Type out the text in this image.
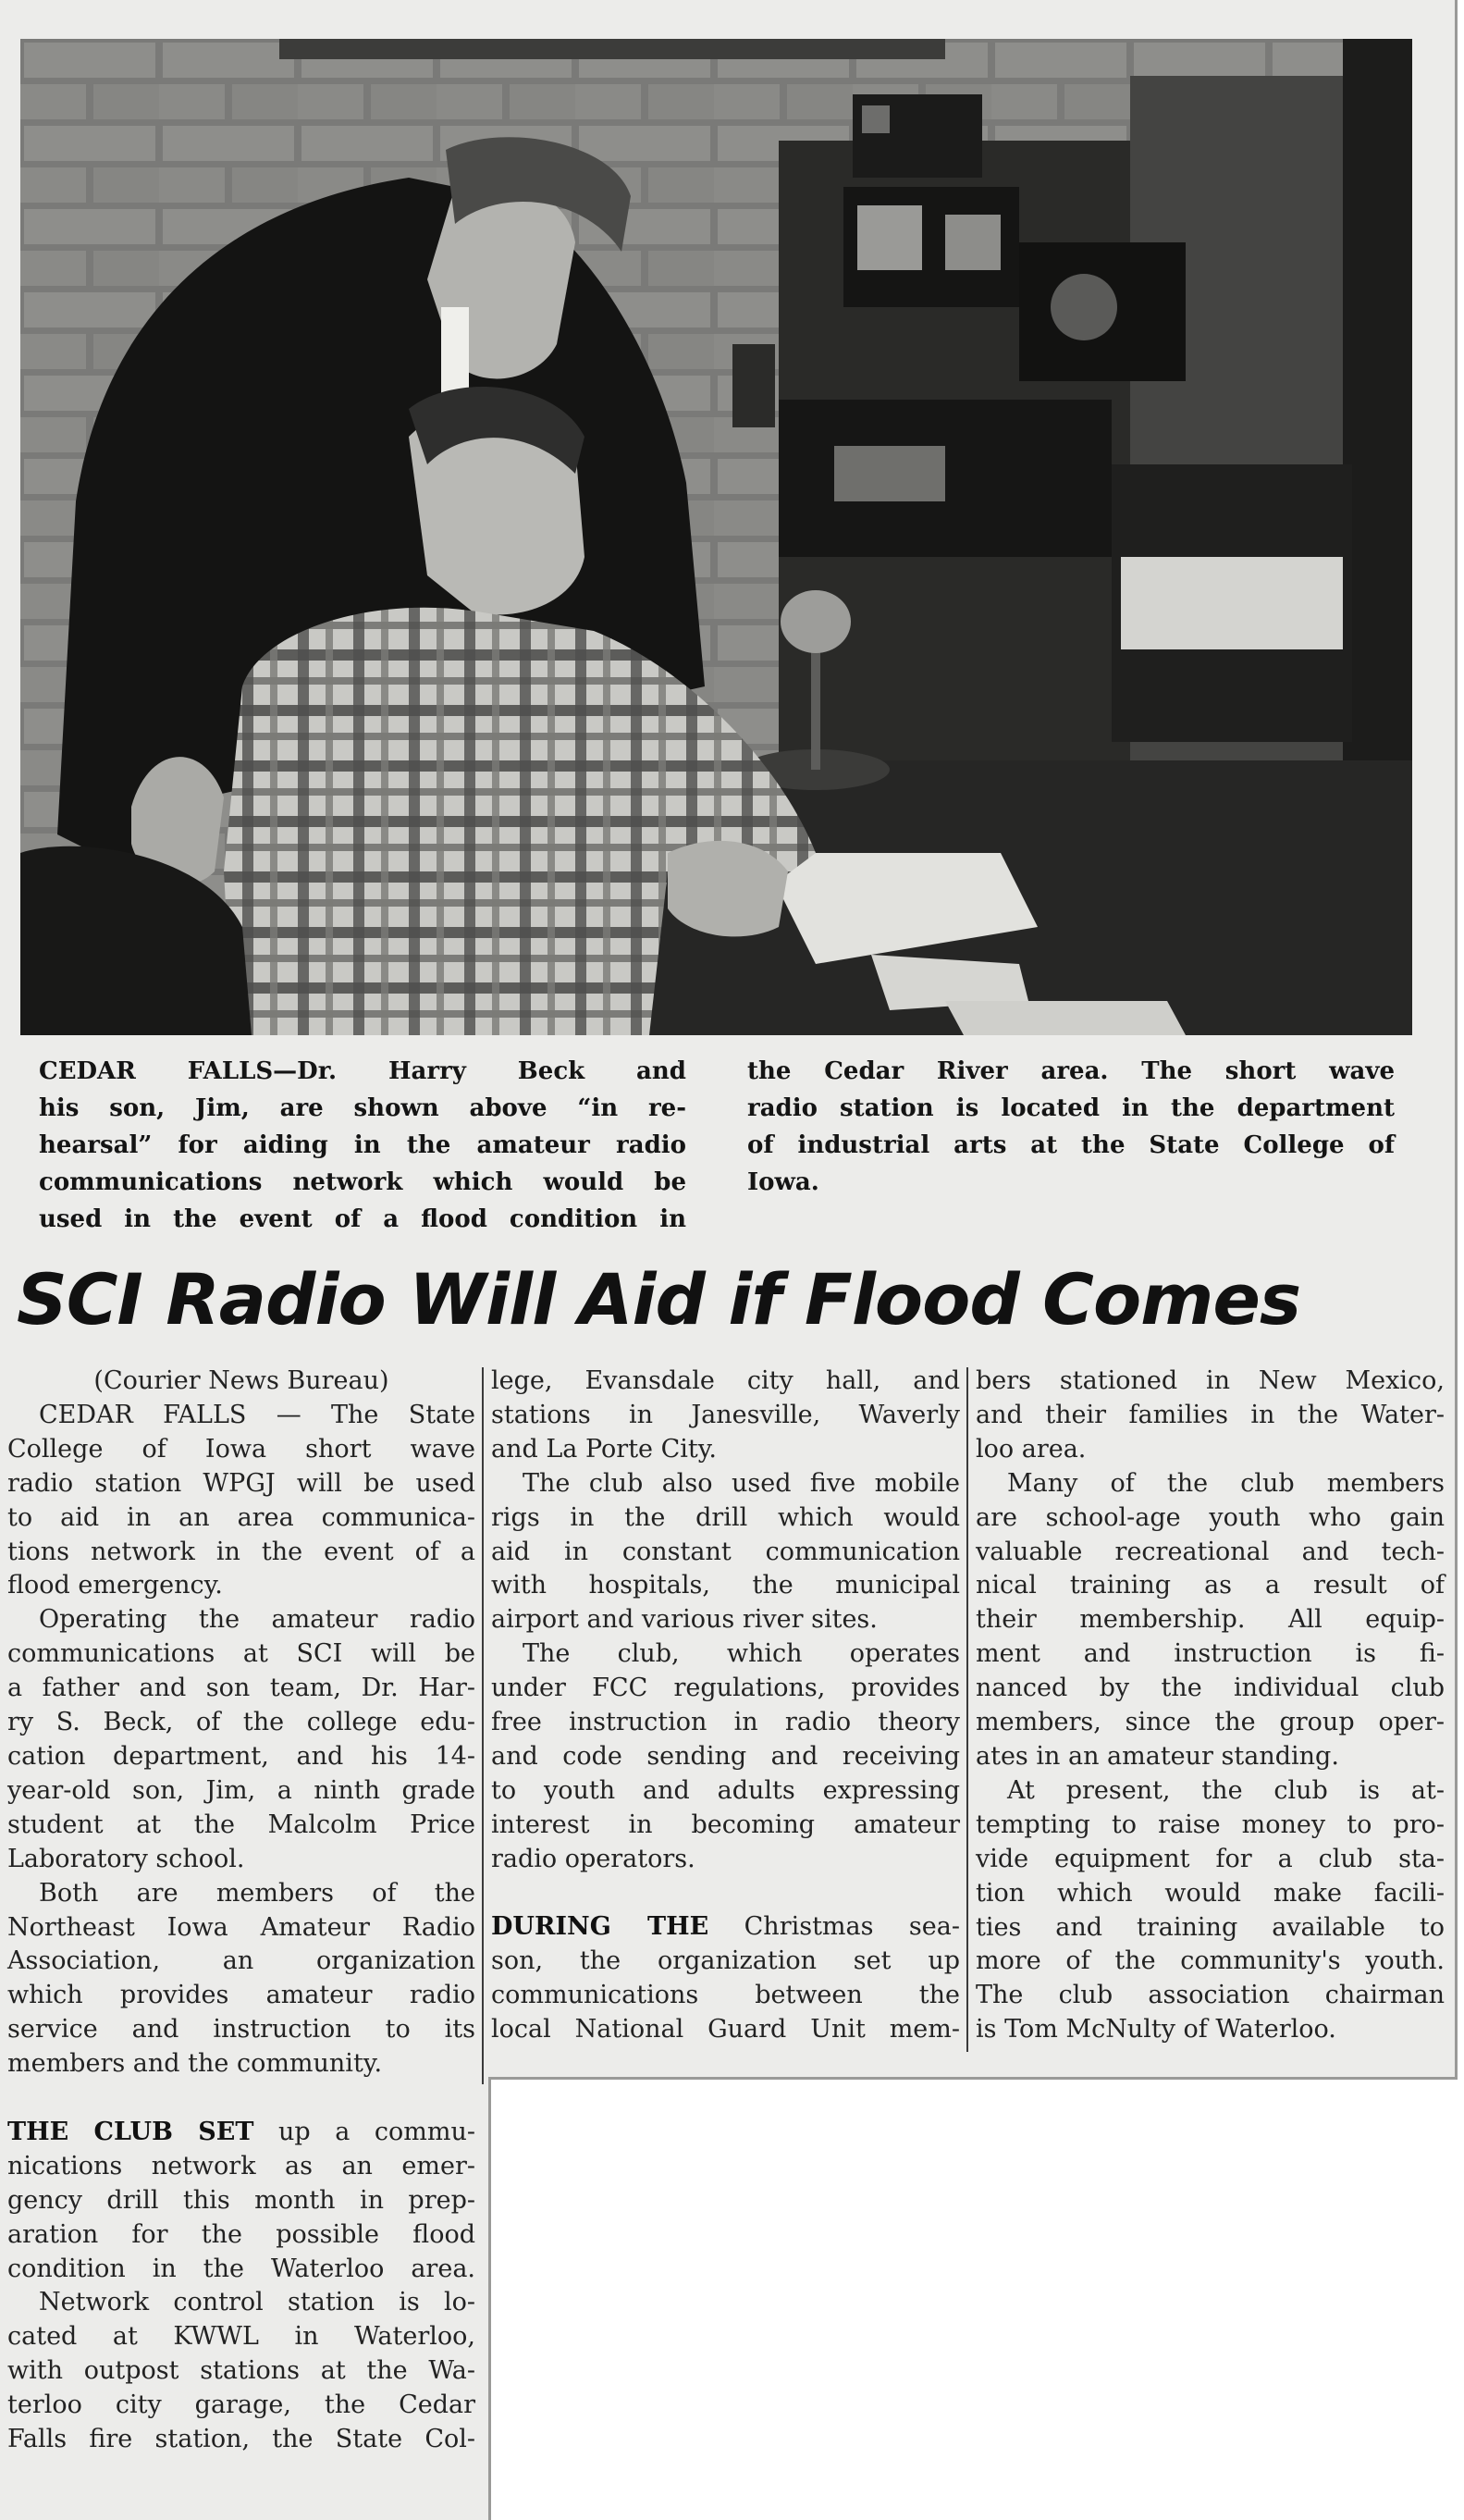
CEDAR FALLS—Dr. Harry Beck and
his son, Jim, are shown above “in re-
hearsal” for aiding in the amateur radio
communications network which would be
used in the event of a flood condition in
the Cedar River area. The short wave
radio station is located in the department
of industrial arts at the State College of
Iowa.
SCI Radio Will Aid if Flood Comes
(Courier News Bureau)
CEDAR FALLS — The State
College of Iowa short wave
radio station WPGJ will be used
to aid in an area communica-
tions network in the event of a
flood emergency.
Operating the amateur radio
communications at SCI will be
a father and son team, Dr. Har-
ry S. Beck, of the college edu-
cation department, and his 14-
year-old son, Jim, a ninth grade
student at the Malcolm Price
Laboratory school.
Both are members of the
Northeast Iowa Amateur Radio
Association, an organization
which provides amateur radio
service and instruction to its
members and the community.
THE CLUB SET up a commu-
nications network as an emer-
gency drill this month in prep-
aration for the possible flood
condition in the Waterloo area.
Network control station is lo-
cated at KWWL in Waterloo,
with outpost stations at the Wa-
terloo city garage, the Cedar
Falls fire station, the State Col-
lege, Evansdale city hall, and
stations in Janesville, Waverly
and La Porte City.
The club also used five mobile
rigs in the drill which would
aid in constant communication
with hospitals, the municipal
airport and various river sites.
The club, which operates
under FCC regulations, provides
free instruction in radio theory
and code sending and receiving
to youth and adults expressing
interest in becoming amateur
radio operators.
DURING THE Christmas sea-
son, the organization set up
communications between the
local National Guard Unit mem-
bers stationed in New Mexico,
and their families in the Water-
loo area.
Many of the club members
are school-age youth who gain
valuable recreational and tech-
nical training as a result of
their membership. All equip-
ment and instruction is fi-
nanced by the individual club
members, since the group oper-
ates in an amateur standing.
At present, the club is at-
tempting to raise money to pro-
vide equipment for a club sta-
tion which would make facili-
ties and training available to
more of the community's youth.
The club association chairman
is Tom McNulty of Waterloo.
